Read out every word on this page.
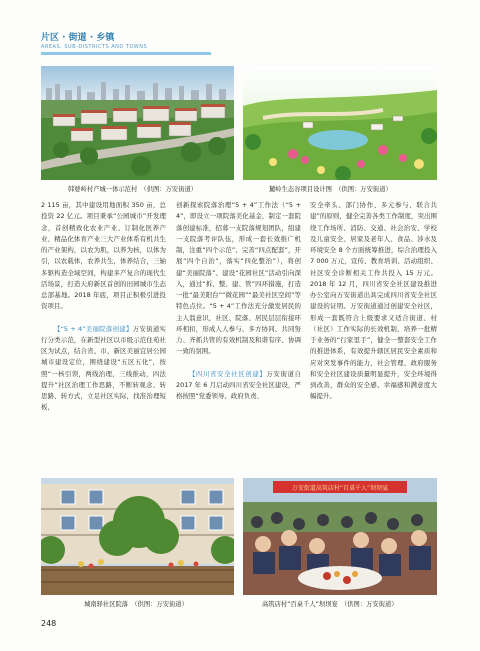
片区 · 街道 · 乡镇
AREAS, SUB-DISTRICTS AND TOWNS
韩婆岭村产城一体示范村　（供图：万安街道）	麓岭生态谷项目设计图　（供图：万安街道）

2 115 亩，其中建设用地面积 350 亩，总投资 22 亿元。项目秉承“公园城市”开发理念，首创精致化农业产业、订制化医养产业、精品化体育产业三大产业体系有机共生的产业架构，以农为肌，以养为核，以体为引，以农载体，农养共生，体养结合，三轴多驱构造全域空间，构建多产复合的现代生活场景，打造天府新区首创的田园城市生态总部基地。2018 年底，项目正积极引进投资项目。

【“5 + 4”美丽院落创建】万安街道实行分类示范，在新型社区以市级示范住苑社区为试点，结合省、市、新区美丽宜居公园城市建设定位，围绕建设“五区五化”，按照“一核引领，两线治理，三线推动，四法提升”社区治理工作思路，不断转观念、转思路、转方式，立足社区实际，找准治理短板，

创新探索院落治理“5 + 4”工作法（“5 + 4”，即设立一项院落美化基金，制定一套院落创建标准，招募一支院落规划团队，组建一支院落考评队伍，形成一套长效推广机制，注重“四个示范”、完善“四点配套”，开展“四个自治”，落实“四化整治”），将创建“美丽院落”、建设“花园社区”活动引向深入，通过“拆、整、建、管”四环措施，打造一批“最美阳台”“微花园”“最美社区空间”等特色点位。“5 + 4”工作法充分激发居民的主人翁意识，社区、院落、居民层层衔接环环相扣，形成人人参与、多方协同、共同努力、齐抓共管的有效机制及和谐有序、协调一致的氛围。

【四川省安全社区创建】万安街道自 2017 年 6 月启动四川省安全社区建设，严格按照“党委领导、政府负责、

安全牵头、部门协作、多元参与、联合共建”的原则，健全完善各类工作制度，突出围绕工作场所、消防、交通、社会治安、学校及儿童安全、居家及老年人、食品、涉水及环境安全 8 个方面统筹推进，综合治理投入 7 000 万元，宣传、教育培训、活动组织、社区安全诊断相关工作共投入 15 万元。2018 年 12 月，四川省安全社区建设推进办公室向万安街道出具完成四川省安全社区建设的证明。万安街道通过创建安全社区，形成一套既符合上级要求又适合街道、村（社区）工作实际的长效机制，培养一批精于业务的“行家里手”，健全一整套安全工作的推进体系，有效提升辖区居民安全素质和应对突发事件的能力，社会管理、政府服务和安全社区建设质量明显提升，安全环境得到改善，群众的安全感、幸福感和满意度大幅提升。

万安街道高筑店村“百桌千人”坝坝宴
城南驿社区院落　（供图：万安街道）	高筑店村“百桌千人”坝坝宴　（供图：万安街道）
248
